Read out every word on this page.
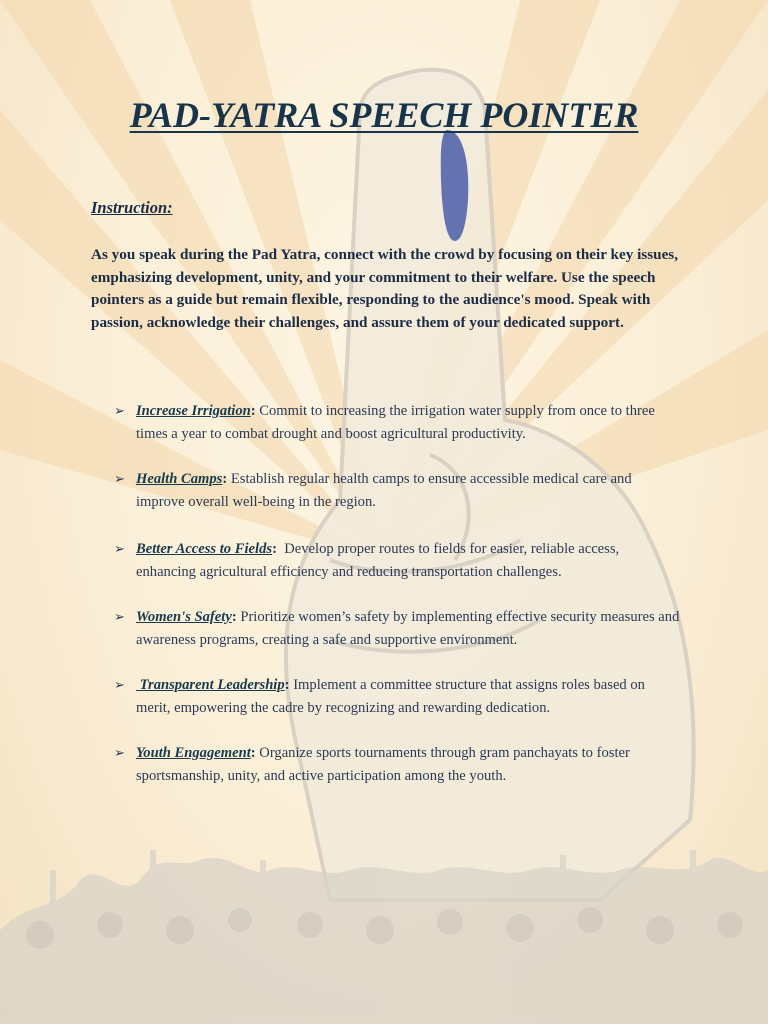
PAD-YATRA SPEECH POINTER
Instruction:

As you speak during the Pad Yatra, connect with the crowd by focusing on their key issues, emphasizing development, unity, and your commitment to their welfare. Use the speech pointers as a guide but remain flexible, responding to the audience's mood. Speak with passion, acknowledge their challenges, and assure them of your dedicated support.

➢ Increase Irrigation: Commit to increasing the irrigation water supply from once to three times a year to combat drought and boost agricultural productivity.
➢ Health Camps: Establish regular health camps to ensure accessible medical care and improve overall well-being in the region.
➢ Better Access to Fields:  Develop proper routes to fields for easier, reliable access, enhancing agricultural efficiency and reducing transportation challenges.
➢ Women's Safety: Prioritize women’s safety by implementing effective security measures and awareness programs, creating a safe and supportive environment.
➢ Transparent Leadership: Implement a committee structure that assigns roles based on merit, empowering the cadre by recognizing and rewarding dedication.
➢ Youth Engagement: Organize sports tournaments through gram panchayats to foster sportsmanship, unity, and active participation among the youth.
